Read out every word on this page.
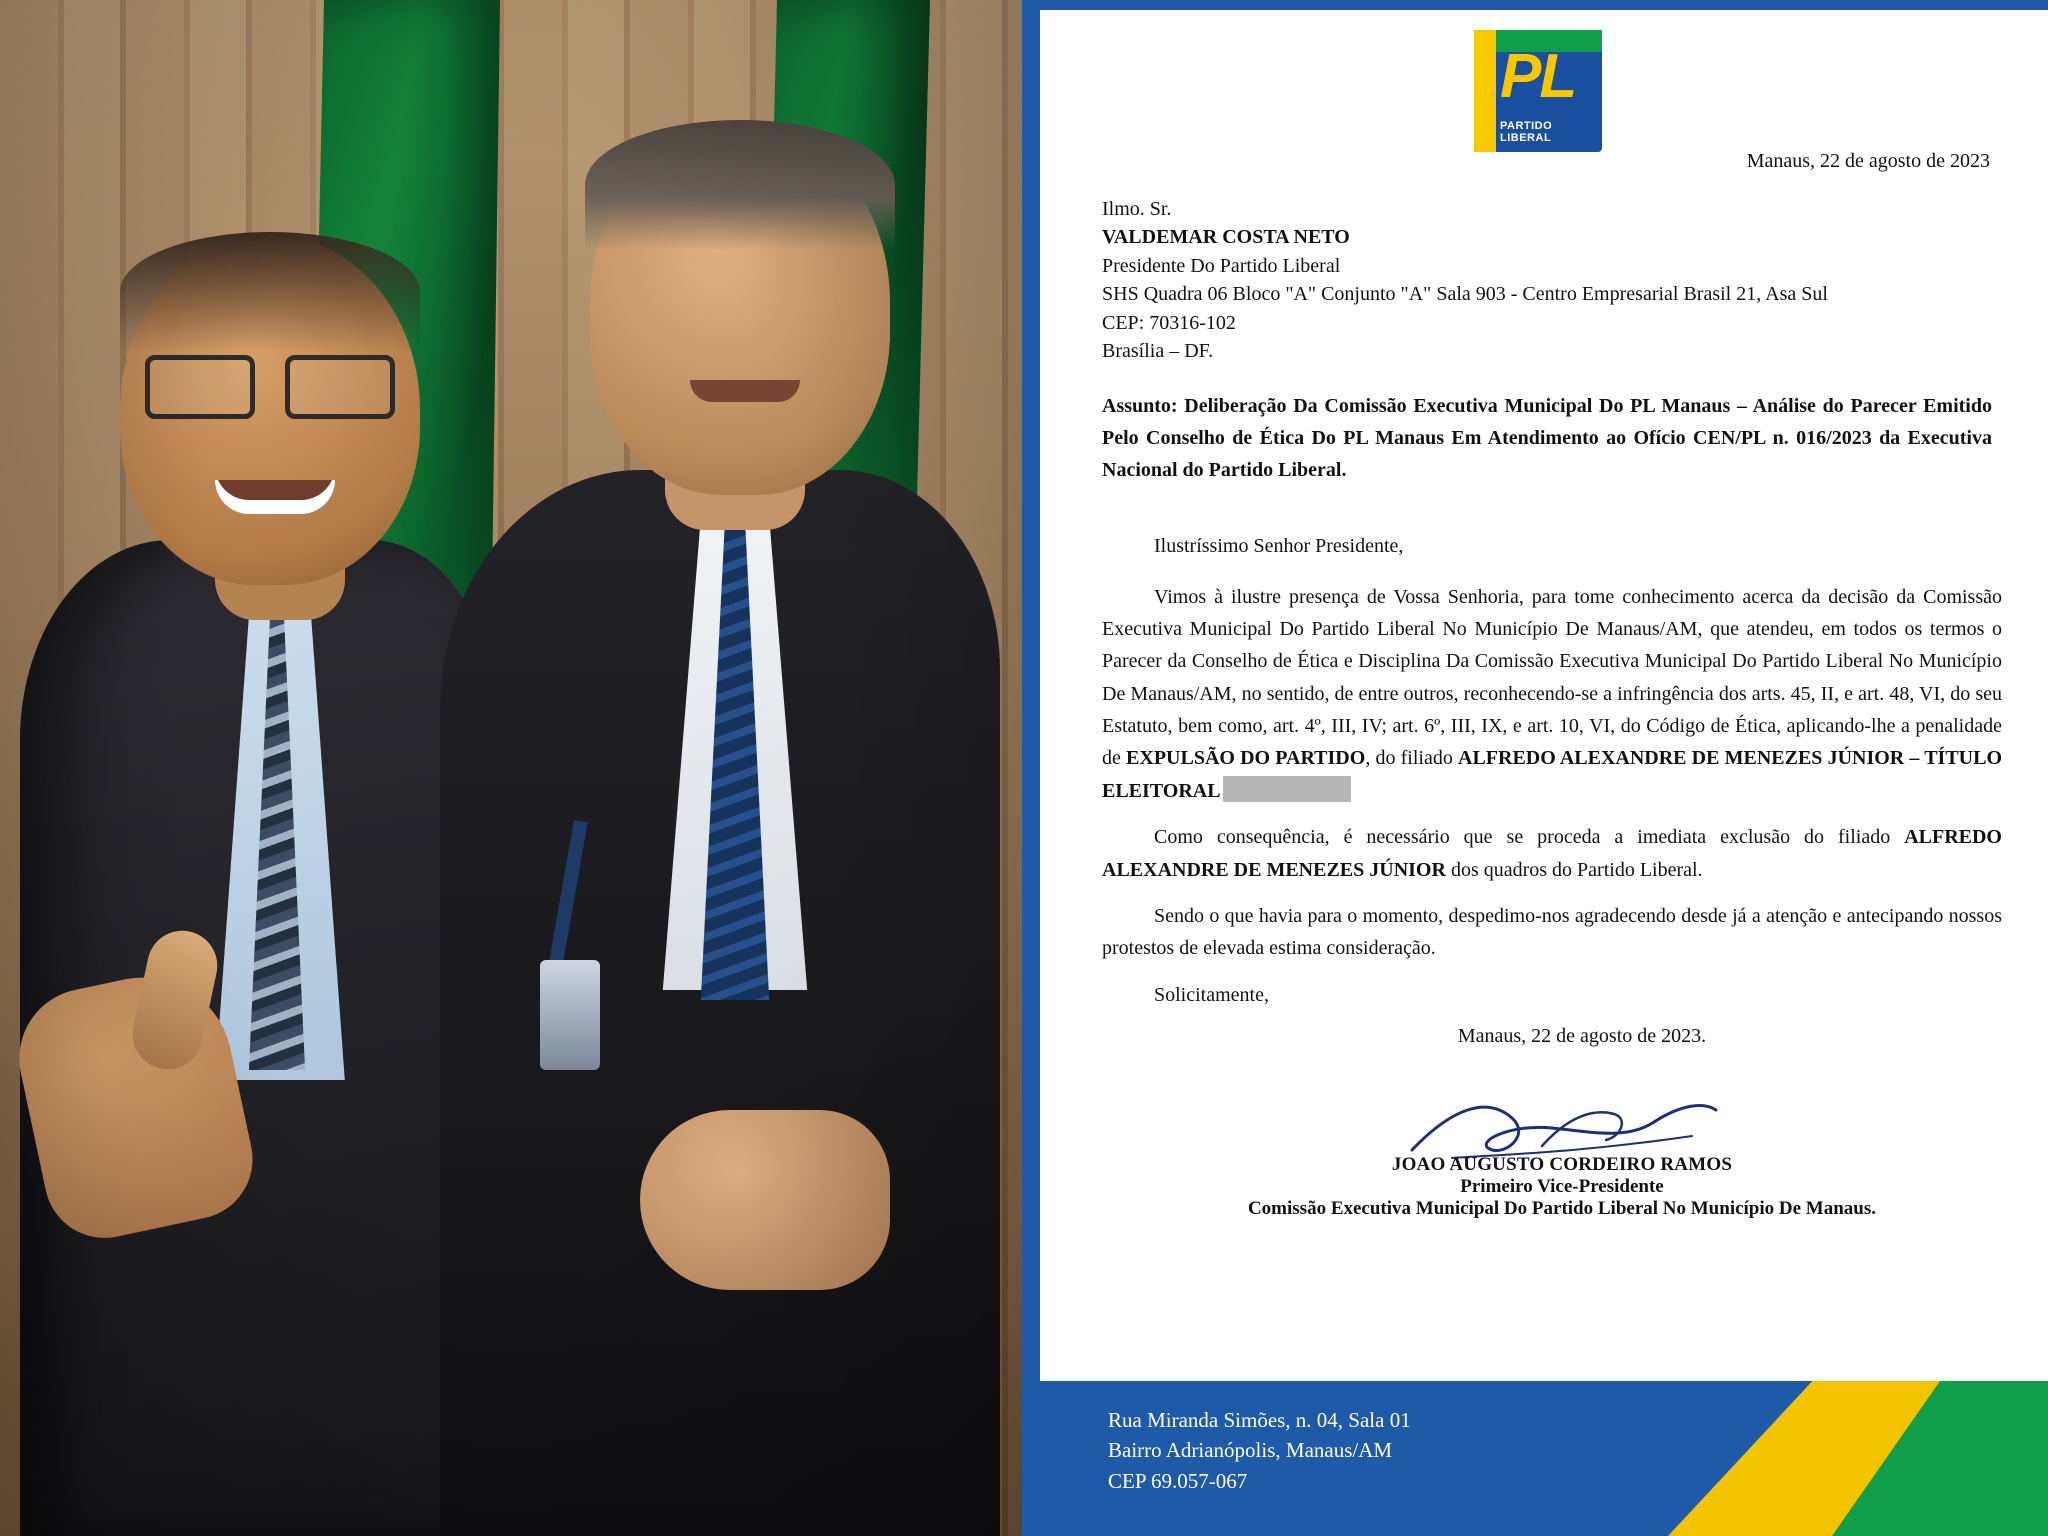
PL
PARTIDO LIBERAL
Manaus, 22 de agosto de 2023
Ilmo. Sr.
VALDEMAR COSTA NETO
Presidente Do Partido Liberal
SHS Quadra 06 Bloco "A" Conjunto "A" Sala 903 - Centro Empresarial Brasil 21, Asa Sul
CEP: 70316-102
Brasília – DF.
Assunto: Deliberação Da Comissão Executiva Municipal Do PL Manaus – Análise do Parecer Emitido Pelo Conselho de Ética Do PL Manaus Em Atendimento ao Ofício CEN/PL n. 016/2023 da Executiva Nacional do Partido Liberal.

Ilustríssimo Senhor Presidente,

Vimos à ilustre presença de Vossa Senhoria, para tome conhecimento acerca da decisão da Comissão Executiva Municipal Do Partido Liberal No Município De Manaus/AM, que atendeu, em todos os termos o Parecer da Conselho de Ética e Disciplina Da Comissão Executiva Municipal Do Partido Liberal No Município De Manaus/AM, no sentido, de entre outros, reconhecendo-se a infringência dos arts. 45, II, e art. 48, VI, do seu Estatuto, bem como, art. 4º, III, IV; art. 6º, III, IX, e art. 10, VI, do Código de Ética, aplicando-lhe a penalidade de EXPULSÃO DO PARTIDO, do filiado ALFREDO ALEXANDRE DE MENEZES JÚNIOR – TÍTULO ELEITORAL

Como consequência, é necessário que se proceda a imediata exclusão do filiado ALFREDO ALEXANDRE DE MENEZES JÚNIOR dos quadros do Partido Liberal.

Sendo o que havia para o momento, despedimo-nos agradecendo desde já a atenção e antecipando nossos protestos de elevada estima consideração.

Solicitamente,

Manaus, 22 de agosto de 2023.
JOAO AUGUSTO CORDEIRO RAMOS
Primeiro Vice-Presidente
Comissão Executiva Municipal Do Partido Liberal No Município De Manaus.
Rua Miranda Simões, n. 04, Sala 01
Bairro Adrianópolis, Manaus/AM
CEP 69.057-067
